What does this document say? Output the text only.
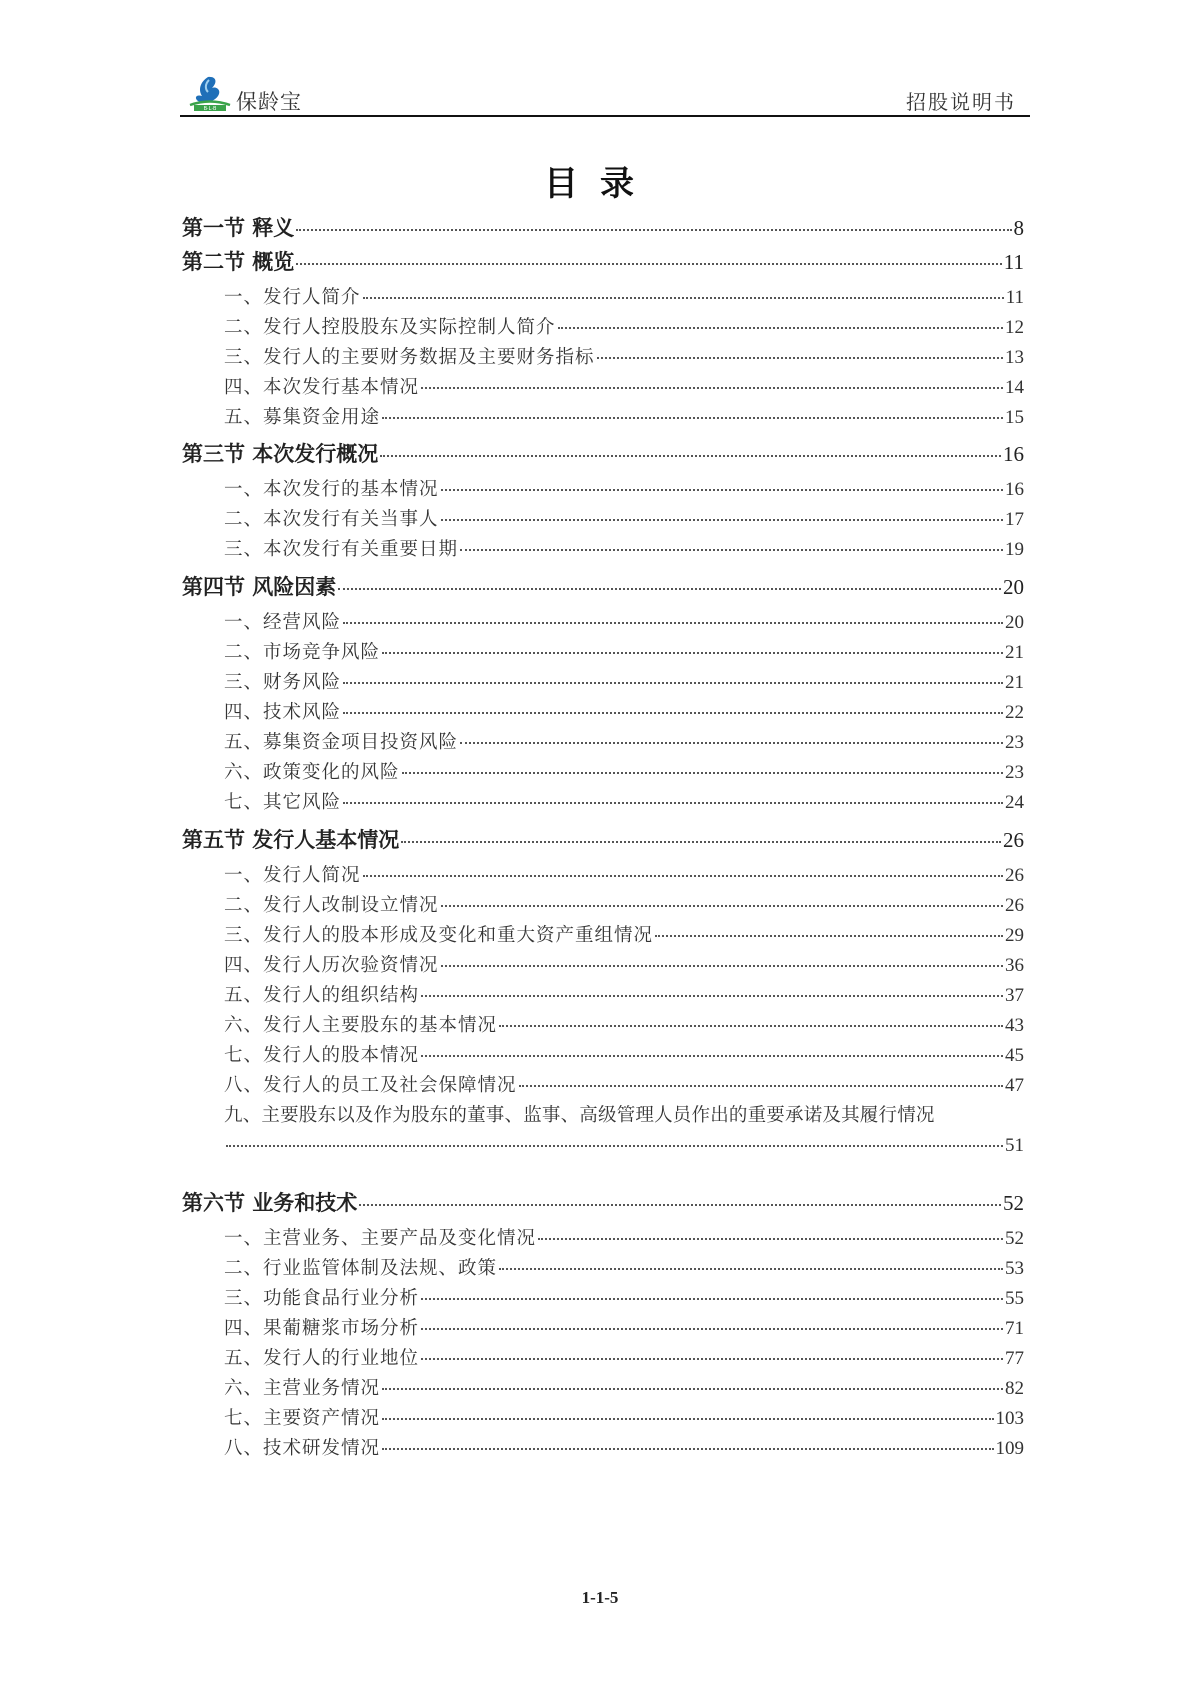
B·L·B 保龄宝	招股说明书
目录
第一节 释义	8
第二节 概览	11
一、发行人简介	11
二、发行人控股股东及实际控制人简介	12
三、发行人的主要财务数据及主要财务指标	13
四、本次发行基本情况	14
五、募集资金用途	15
第三节 本次发行概况	16
一、本次发行的基本情况	16
二、本次发行有关当事人	17
三、本次发行有关重要日期	19
第四节 风险因素	20
一、经营风险	20
二、市场竞争风险	21
三、财务风险	21
四、技术风险	22
五、募集资金项目投资风险	23
六、政策变化的风险	23
七、其它风险	24
第五节 发行人基本情况	26
一、发行人简况	26
二、发行人改制设立情况	26
三、发行人的股本形成及变化和重大资产重组情况	29
四、发行人历次验资情况	36
五、发行人的组织结构	37
六、发行人主要股东的基本情况	43
七、发行人的股本情况	45
八、发行人的员工及社会保障情况	47
九、主要股东以及作为股东的董事、监事、高级管理人员作出的重要承诺及其履行情况
51
第六节 业务和技术	52
一、主营业务、主要产品及变化情况	52
二、行业监管体制及法规、政策	53
三、功能食品行业分析	55
四、果葡糖浆市场分析	71
五、发行人的行业地位	77
六、主营业务情况	82
七、主要资产情况	103
八、技术研发情况	109
1-1-5
